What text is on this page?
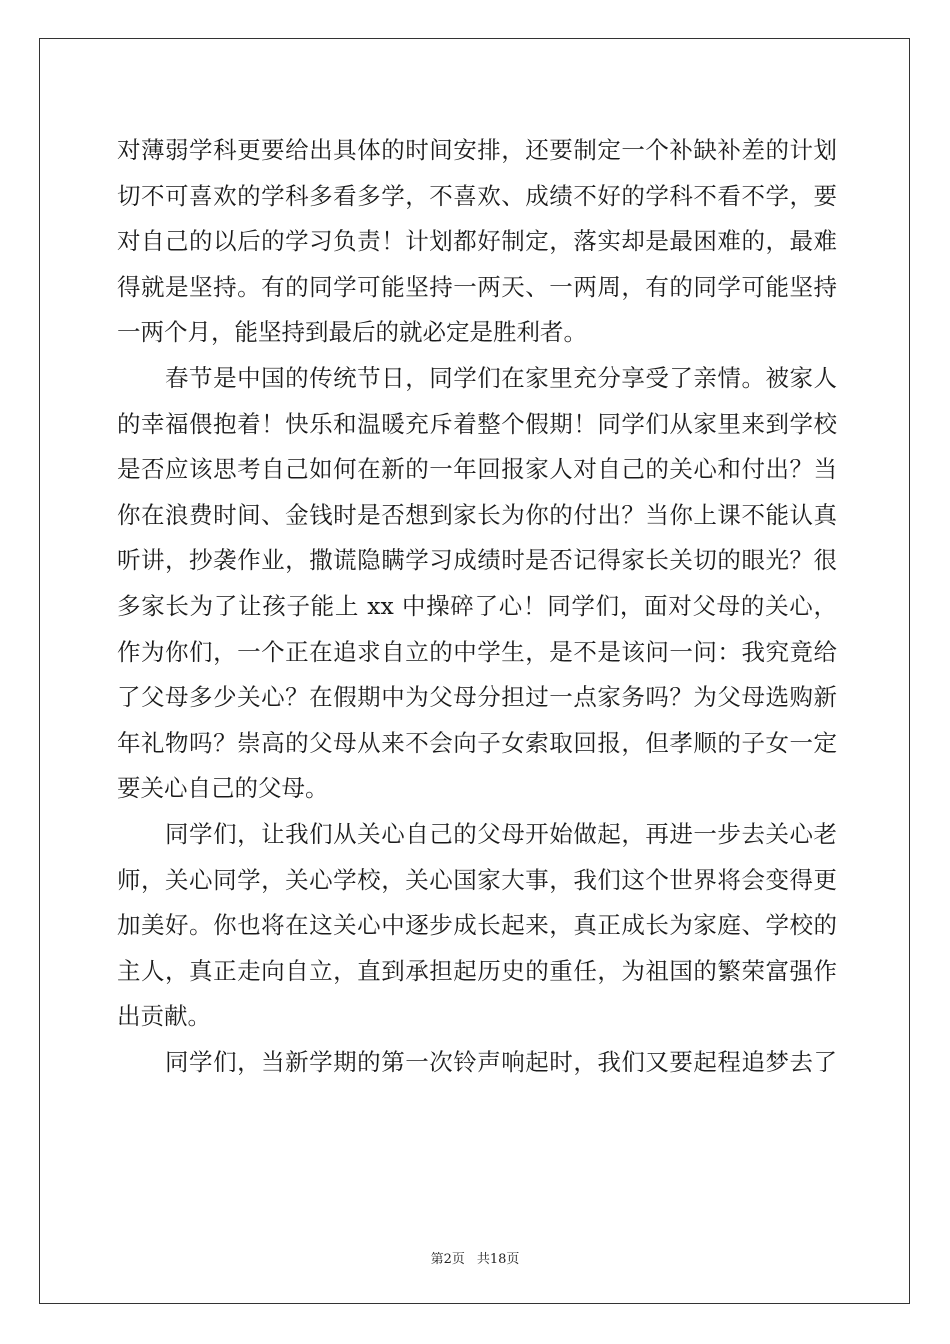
对薄弱学科更要给出具体的时间安排，还要制定一个补缺补差的计划
切不可喜欢的学科多看多学，不喜欢、成绩不好的学科不看不学，要
对自己的以后的学习负责！计划都好制定，落实却是最困难的，最难
得就是坚持。有的同学可能坚持一两天、一两周，有的同学可能坚持
一两个月，能坚持到最后的就必定是胜利者。
　　春节是中国的传统节日，同学们在家里充分享受了亲情。被家人
的幸福偎抱着！快乐和温暖充斥着整个假期！同学们从家里来到学校
是否应该思考自己如何在新的一年回报家人对自己的关心和付出？当
你在浪费时间、金钱时是否想到家长为你的付出？当你上课不能认真
听讲，抄袭作业，撒谎隐瞒学习成绩时是否记得家长关切的眼光？很
多家长为了让孩子能上 xx 中操碎了心！同学们，面对父母的关心，
作为你们，一个正在追求自立的中学生，是不是该问一问：我究竟给
了父母多少关心？在假期中为父母分担过一点家务吗？为父母选购新
年礼物吗？崇高的父母从来不会向子女索取回报，但孝顺的子女一定
要关心自己的父母。
　　同学们，让我们从关心自己的父母开始做起，再进一步去关心老
师，关心同学，关心学校，关心国家大事，我们这个世界将会变得更
加美好。你也将在这关心中逐步成长起来，真正成长为家庭、学校的
主人，真正走向自立，直到承担起历史的重任，为祖国的繁荣富强作
出贡献。
　　同学们，当新学期的第一次铃声响起时，我们又要起程追梦去了
第2页 共18页
